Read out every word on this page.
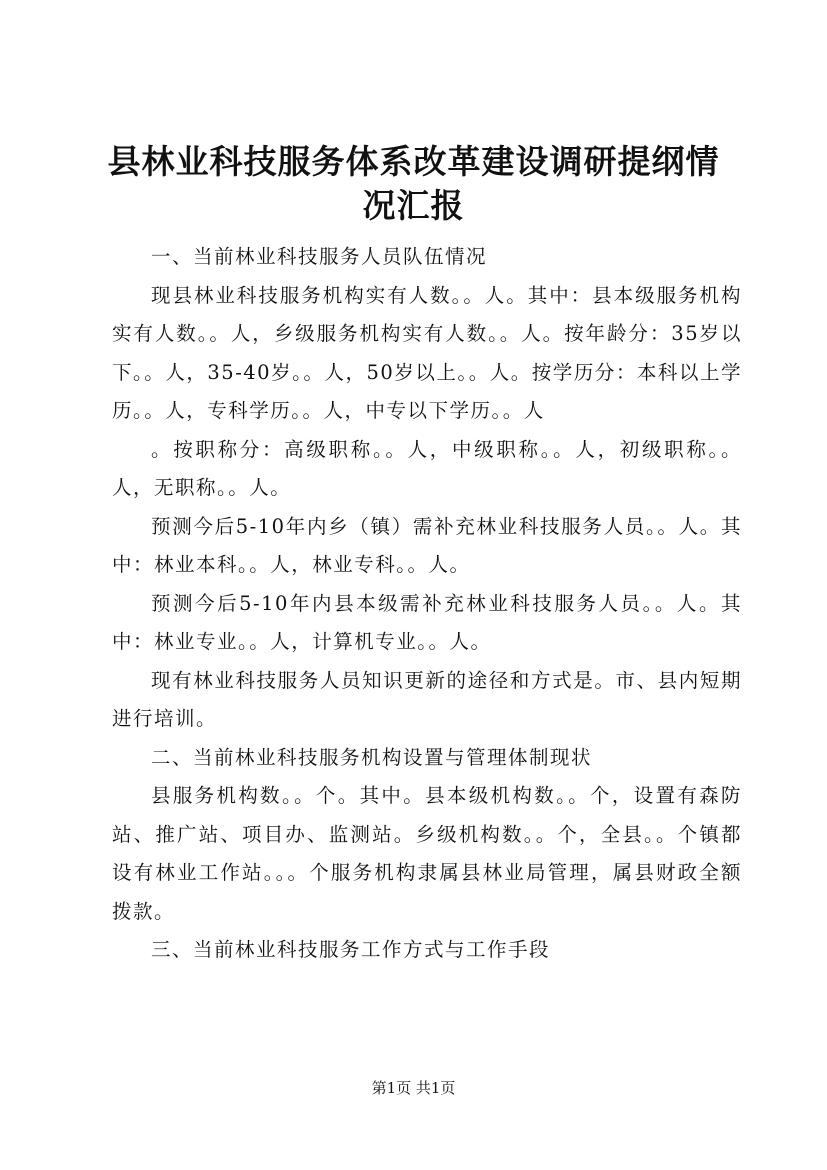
县林业科技服务体系改革建设调研提纲情况汇报

一、当前林业科技服务人员队伍情况

现县林业科技服务机构实有人数。。人。其中：县本级服务机构实有人数。。人，乡级服务机构实有人数。。人。按年龄分：35岁以下。。人，35-40岁。。人，50岁以上。。人。按学历分：本科以上学历。。人，专科学历。。人，中专以下学历。。人

。按职称分：高级职称。。人，中级职称。。人，初级职称。。人，无职称。。人。

预测今后5-10年内乡（镇）需补充林业科技服务人员。。人。其中：林业本科。。人，林业专科。。人。

预测今后5-10年内县本级需补充林业科技服务人员。。人。其中：林业专业。。人，计算机专业。。人。

现有林业科技服务人员知识更新的途径和方式是。市、县内短期进行培训。

二、当前林业科技服务机构设置与管理体制现状

县服务机构数。。个。其中。县本级机构数。。个，设置有森防站、推广站、项目办、监测站。乡级机构数。。个，全县。。个镇都设有林业工作站。。。个服务机构隶属县林业局管理，属县财政全额拨款。

三、当前林业科技服务工作方式与工作手段

第1页 共1页
